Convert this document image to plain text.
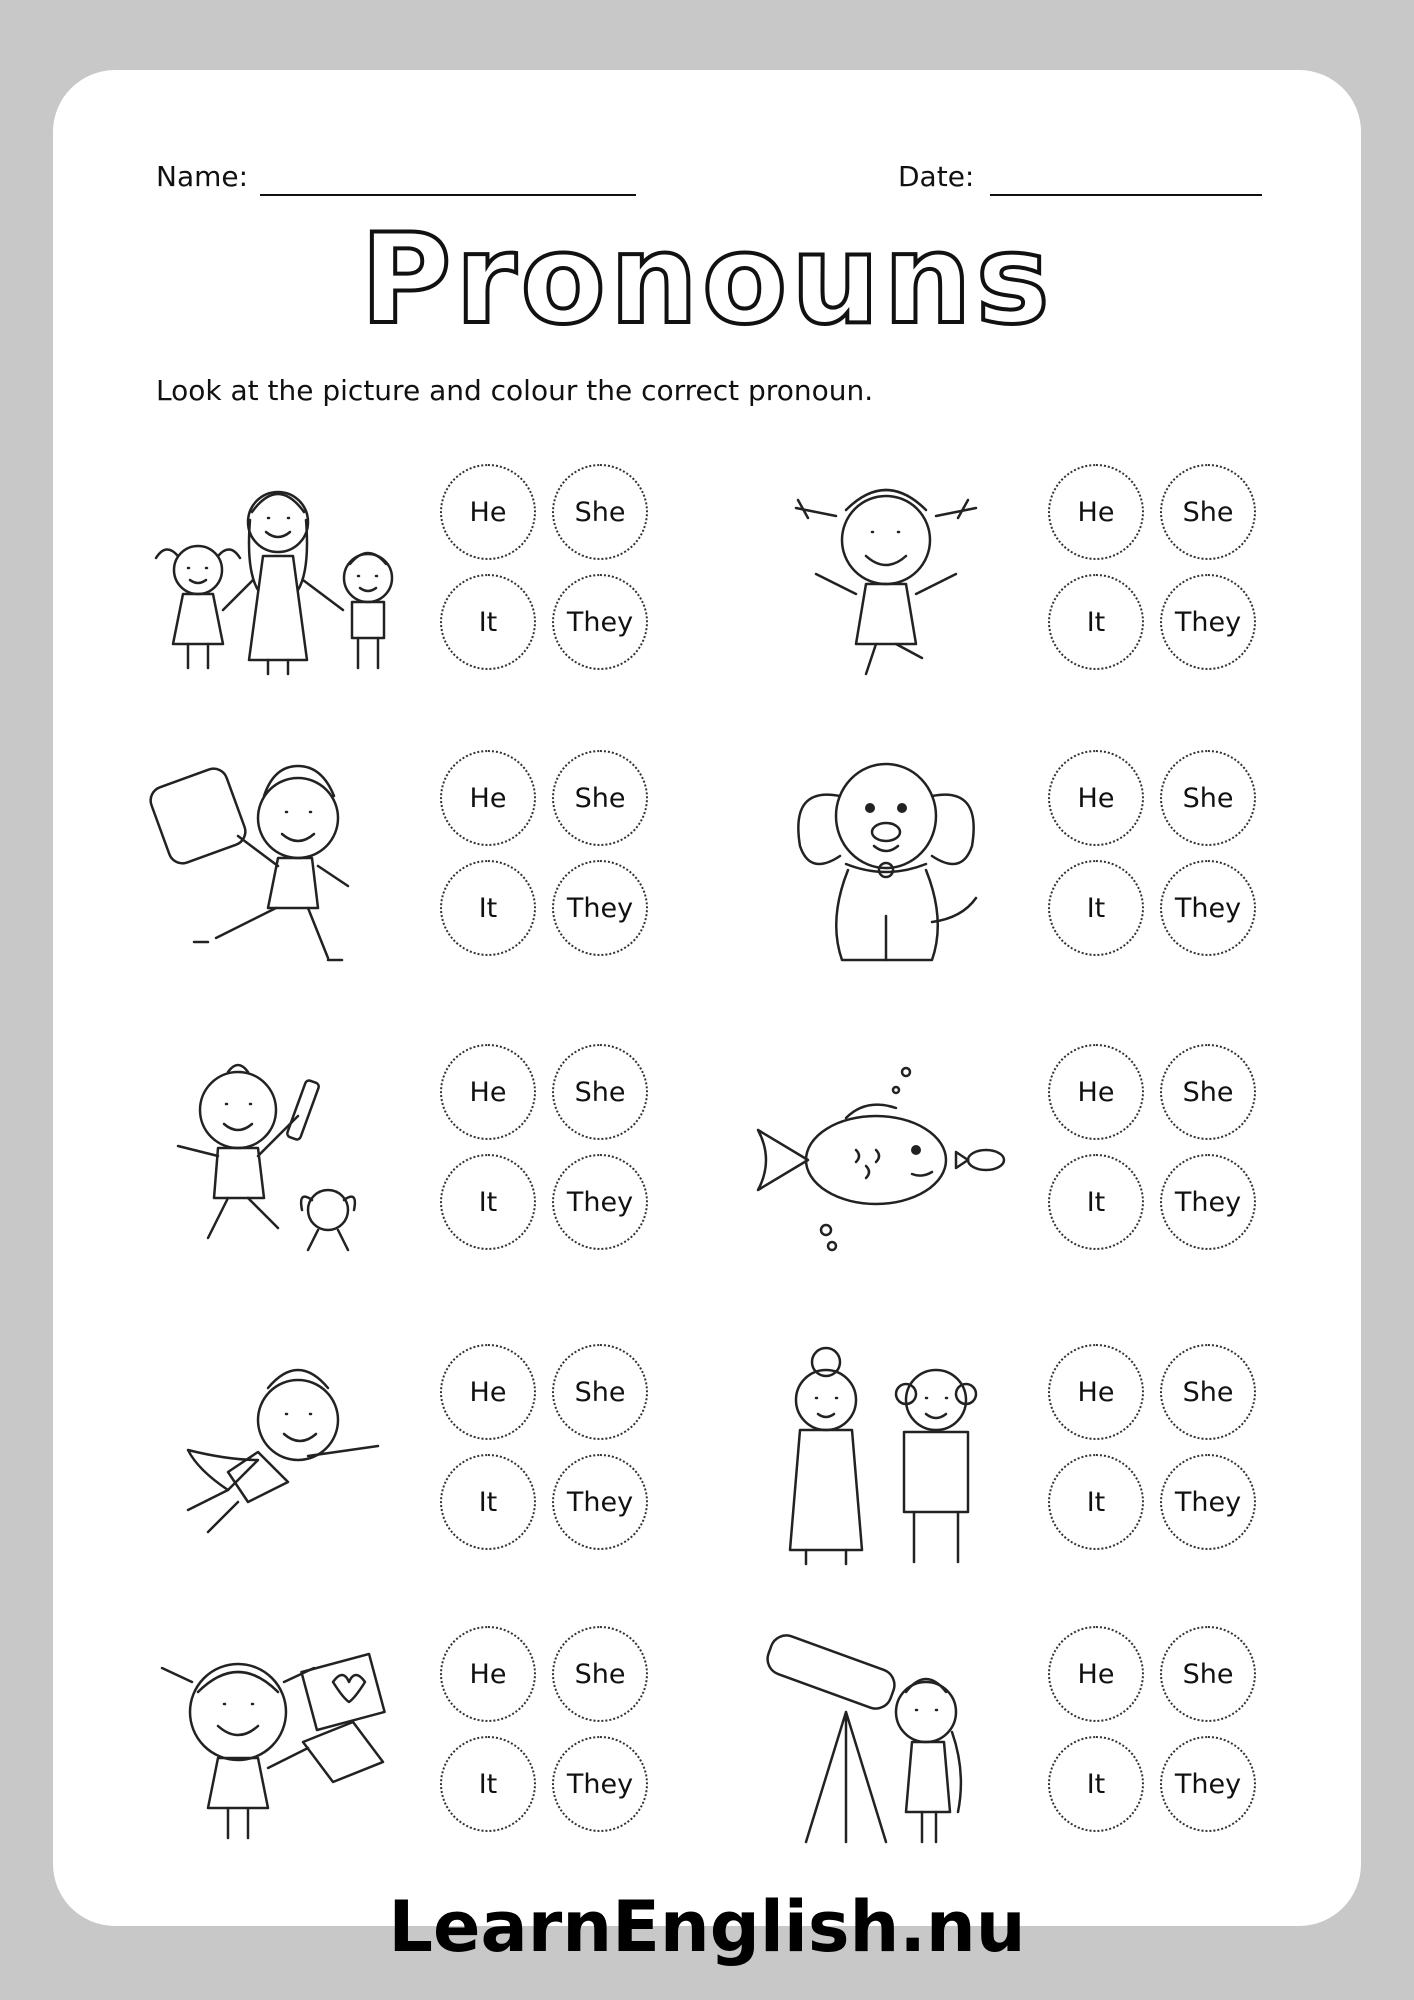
Name:	Date:
Pronouns
Look at the picture and colour the correct pronoun.
He	She
It	They
He	She
It	They
He	She
It	They
He	She
It	They
He	She
It	They
He	She
It	They
He	She
It	They
He	She
It	They
He	She
It	They
He	She
It	They
LearnEnglish.nu
